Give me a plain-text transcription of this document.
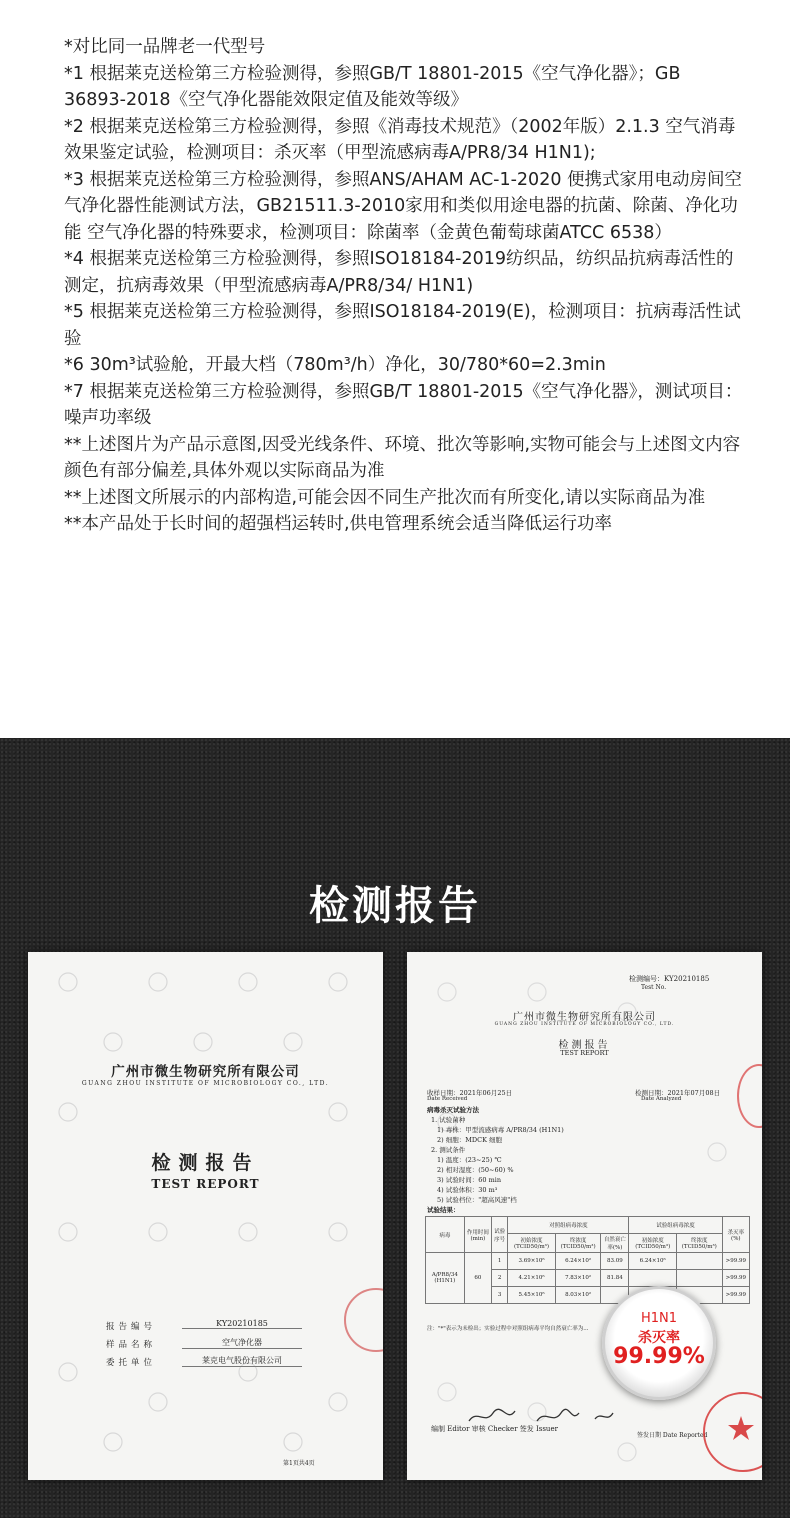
*对比同一品牌老一代型号
*1 根据莱克送检第三方检验测得，参照GB/T 18801-2015《空气净化器》；GB 36893-2018《空气净化器能效限定值及能效等级》
*2 根据莱克送检第三方检验测得，参照《消毒技术规范》（2002年版）2.1.3 空气消毒效果鉴定试验，检测项目：杀灭率（甲型流感病毒A/PR8/34 H1N1);
*3 根据莱克送检第三方检验测得，参照ANS/AHAM AC-1-2020 便携式家用电动房间空气净化器性能测试方法，GB21511.3-2010家用和类似用途电器的抗菌、除菌、净化功能 空气净化器的特殊要求，检测项目：除菌率（金黄色葡萄球菌ATCC 6538）
*4 根据莱克送检第三方检验测得，参照ISO18184-2019纺织品，纺织品抗病毒活性的测定，抗病毒效果（甲型流感病毒A/PR8/34/ H1N1)
*5 根据莱克送检第三方检验测得，参照ISO18184-2019(E)，检测项目：抗病毒活性试验
*6 30m³试验舱，开最大档（780m³/h）净化，30/780*60=2.3min
*7 根据莱克送检第三方检验测得，参照GB/T 18801-2015《空气净化器》，测试项目：噪声功率级
**上述图片为产品示意图,因受光线条件、环境、批次等影响,实物可能会与上述图文内容颜色有部分偏差,具体外观以实际商品为准
**上述图文所展示的内部构造,可能会因不同生产批次而有所变化,请以实际商品为准
**本产品处于长时间的超强档运转时,供电管理系统会适当降低运行功率
检测报告
广州市微生物研究所有限公司
GUANG ZHOU INSTITUTE OF MICROBIOLOGY CO., LTD.
检测报告
TEST REPORT
报告编号	KY20210185
样品名称	空气净化器
委托单位	莱克电气股份有限公司
第1页共4页
检测编号：KY20210185
Test No.
广州市微生物研究所有限公司
GUANG ZHOU INSTITUTE OF MICROBIOLOGY CO., LTD.
检测报告
TEST REPORT
收样日期：2021年06月25日
Date Received
检测日期：2021年07月08日
Date Analyzed
病毒杀灭试验方法
1. 试验菌种
1) 毒株：甲型流感病毒 A/PR8/34 (H1N1)
2) 细胞：MDCK 细胞
2. 测试条件
1) 温度：(23~25) ℃
2) 相对湿度：(50~60) %
3) 试验时间：60 min
4) 试验体积：30 m³
5) 试验档位："超高风速"档
试验结果：
病毒	作用时间(min)	试验序号	对照组病毒浓度			试验组病毒浓度		杀灭率(%)
			初始浓度(TCID50/m³)	终浓度(TCID50/m³)	自然衰亡率(%)	初始浓度(TCID50/m³)	终浓度(TCID50/m³)	
A/PR8/34 (H1N1)	60	1	3.69×10⁶	6.24×10²	83.09	6.24×10⁶		>99.99
		2	4.21×10⁶	7.83×10²	81.84			>99.99
		3	5.45×10⁶	8.03×10²				>99.99
注："*"表示为未检出；实验过程中对照组病毒平均自然衰亡率为...
编制 Editor 审核 Checker 签发 Issuer
签发日期 Date Reported
H1N1
杀灭率
99.99%
